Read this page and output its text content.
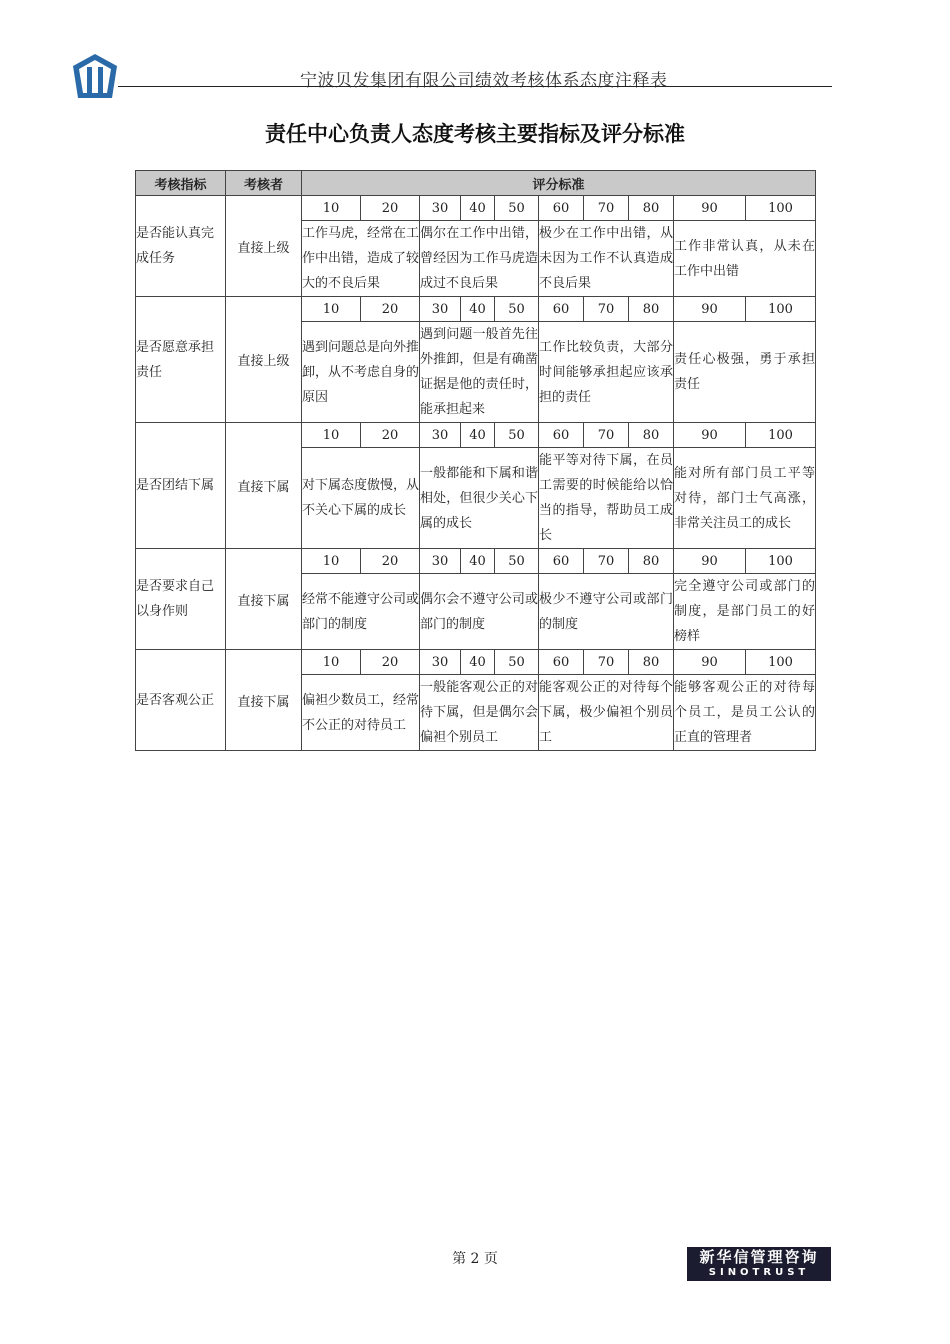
宁波贝发集团有限公司绩效考核体系态度注释表
责任中心负责人态度考核主要指标及评分标准
考核指标	考核者	评分标准									
是否能认真完成任务	直接上级	10	20	30	40	50	60	70	80	90	100
		工作马虎，经常在工作中出错，造成了较大的不良后果		偶尔在工作中出错，曾经因为工作马虎造成过不良后果			极少在工作中出错，从未因为工作不认真造成不良后果			工作非常认真，从未在工作中出错	
是否愿意承担责任	直接上级	10	20	30	40	50	60	70	80	90	100
		遇到问题总是向外推卸，从不考虑自身的原因		遇到问题一般首先往外推卸，但是有确凿证据是他的责任时，能承担起来			工作比较负责，大部分时间能够承担起应该承担的责任			责任心极强，勇于承担责任	
是否团结下属	直接下属	10	20	30	40	50	60	70	80	90	100
		对下属态度傲慢，从不关心下属的成长		一般都能和下属和谐相处，但很少关心下属的成长			能平等对待下属，在员工需要的时候能给以恰当的指导，帮助员工成长			能对所有部门员工平等对待，部门士气高涨，非常关注员工的成长	
是否要求自己以身作则	直接下属	10	20	30	40	50	60	70	80	90	100
		经常不能遵守公司或部门的制度		偶尔会不遵守公司或部门的制度			极少不遵守公司或部门的制度			完全遵守公司或部门的制度，是部门员工的好榜样	
是否客观公正	直接下属	10	20	30	40	50	60	70	80	90	100
		偏袒少数员工，经常不公正的对待员工		一般能客观公正的对待下属，但是偶尔会偏袒个别员工			能客观公正的对待每个下属，极少偏袒个别员工			能够客观公正的对待每个员工，是员工公认的正直的管理者	
第 2 页	新华信管理咨询
SINOTRUST
